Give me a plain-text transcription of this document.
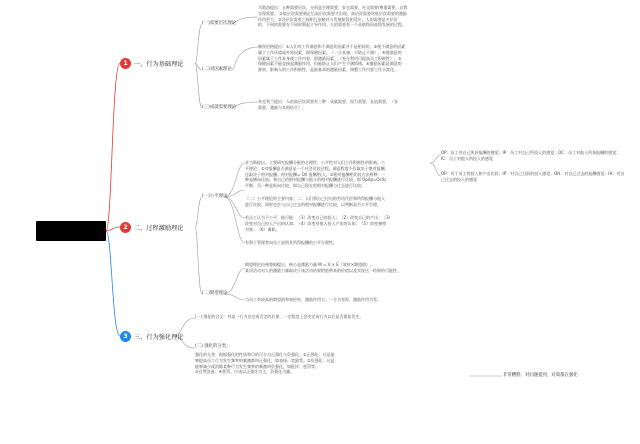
1	一、行为基础理论
2	二、过程激励理论
3	三、行为强化理论
(一)需要层次理论
(二)双因素理论
(三)成就需要理论
马斯洛提出：五种需要层次，分别是生理需要、安全需要、社交需要/尊重需要、自我
实现需要。 ①低层次需要满足后高层次需要才出现；高层次需要对低层次需要的激励
作用更大；②各层次需要之间相互依赖并与发展阶段相适应，人的需要是多层次
的，不同的需要在不同时期起主导作用。人的需要有一个从低级向高级发展的过程。
赫茨伯格提出：①人们对工作满意和不满意的因素并不是相同的，②使不满意的因素
属于工作环境或外界因素，即保健因素。（一旦具备，可防止不满），④使满意的
因素属于工作本身或工作内容，即激励因素。（充分利用可提高员工积极性），⑤
保健因素不能直接起激励作用，但能防止人们产生不满情绪。⑥激励因素是满意的
源泉，影响人的工作积极性，是最基本的激励因素。调整工作内容工作丰富化。
麦克利兰提出：人的高层次需要有三种：成就需要，权力需要，友谊需要，（各
需要，激励与其相结合）。
(一)公平理论
(二)期望理论
亚当斯提出。主要研究报酬分配的合理性、公平性对人们工作积极性的影响。公
平理论：①对报酬是否满意是一个社会比较过程。满意程度不仅取决于绝对报酬，
还取决于相对报酬。相对报酬= O/I 报酬/投入。②相对报酬相比较方法两种：一
种是横向比较，将自己的相对报酬与他人的相对报酬进行比较。即 Op/Ip=Oc/Ic
平衡；另一种是纵向比较，即自己现在的相对报酬与过去进行比较。
（二）公平理论的主要内容。二、人们将自己付出的劳动代价和所得报酬与他人
进行比较，同时也会与自己过去的相对报酬进行比较，以判断是否公平合理。
若员工认为不公平，他可能：（1）改变自己的投入；（2）改变自己的产出；（3）
改变对自己投入产出的认知；（4）改变对他人投入产出的认知；（5）改变参照
对象；（6）离职。
有利于管理者向员工说明其所得报酬的公平合理性。
期望理论由弗鲁姆提出，核心是激励力量 M = V × E（效价×期望值）。
某项活动对人的激励力量取决于该活动结果给他带来的价值以及实现这一结果的可能性。
当员工有较高的期望值和效价时，激励作用大；一方为零时，激励作用为零。
OP：员工对自己所获报酬的感觉；IP：员工对自己所投入的感觉；OC：员工对他人所获报酬的感觉；IC：员工对他人所投入的感觉
OP：对于员工的投入和产出比较；IP：对自己目前的投入感觉；OH：对自己过去的报酬感觉；IH：对自己过去的投入的感觉
(一) 强化的含义：对某一行为肯定或否定的后果，一定程度上会决定该行为以后是否重复发生。
(二) 强化的分类：
强化的分类：根据强化的性质和目的可分为正强化与负强化。①正强化：凡是能
够提高员工行为发生频率的刺激都叫正强化，如表扬、奖励等。②负强化：凡是
能够减少或消除某种行为发生频率的刺激叫负强化，如批评、惩罚等。
③自然消退；④惩罚。应该以正强化为主，负强化为辅。
非常糟糕：对问题提到，对策都在强化
